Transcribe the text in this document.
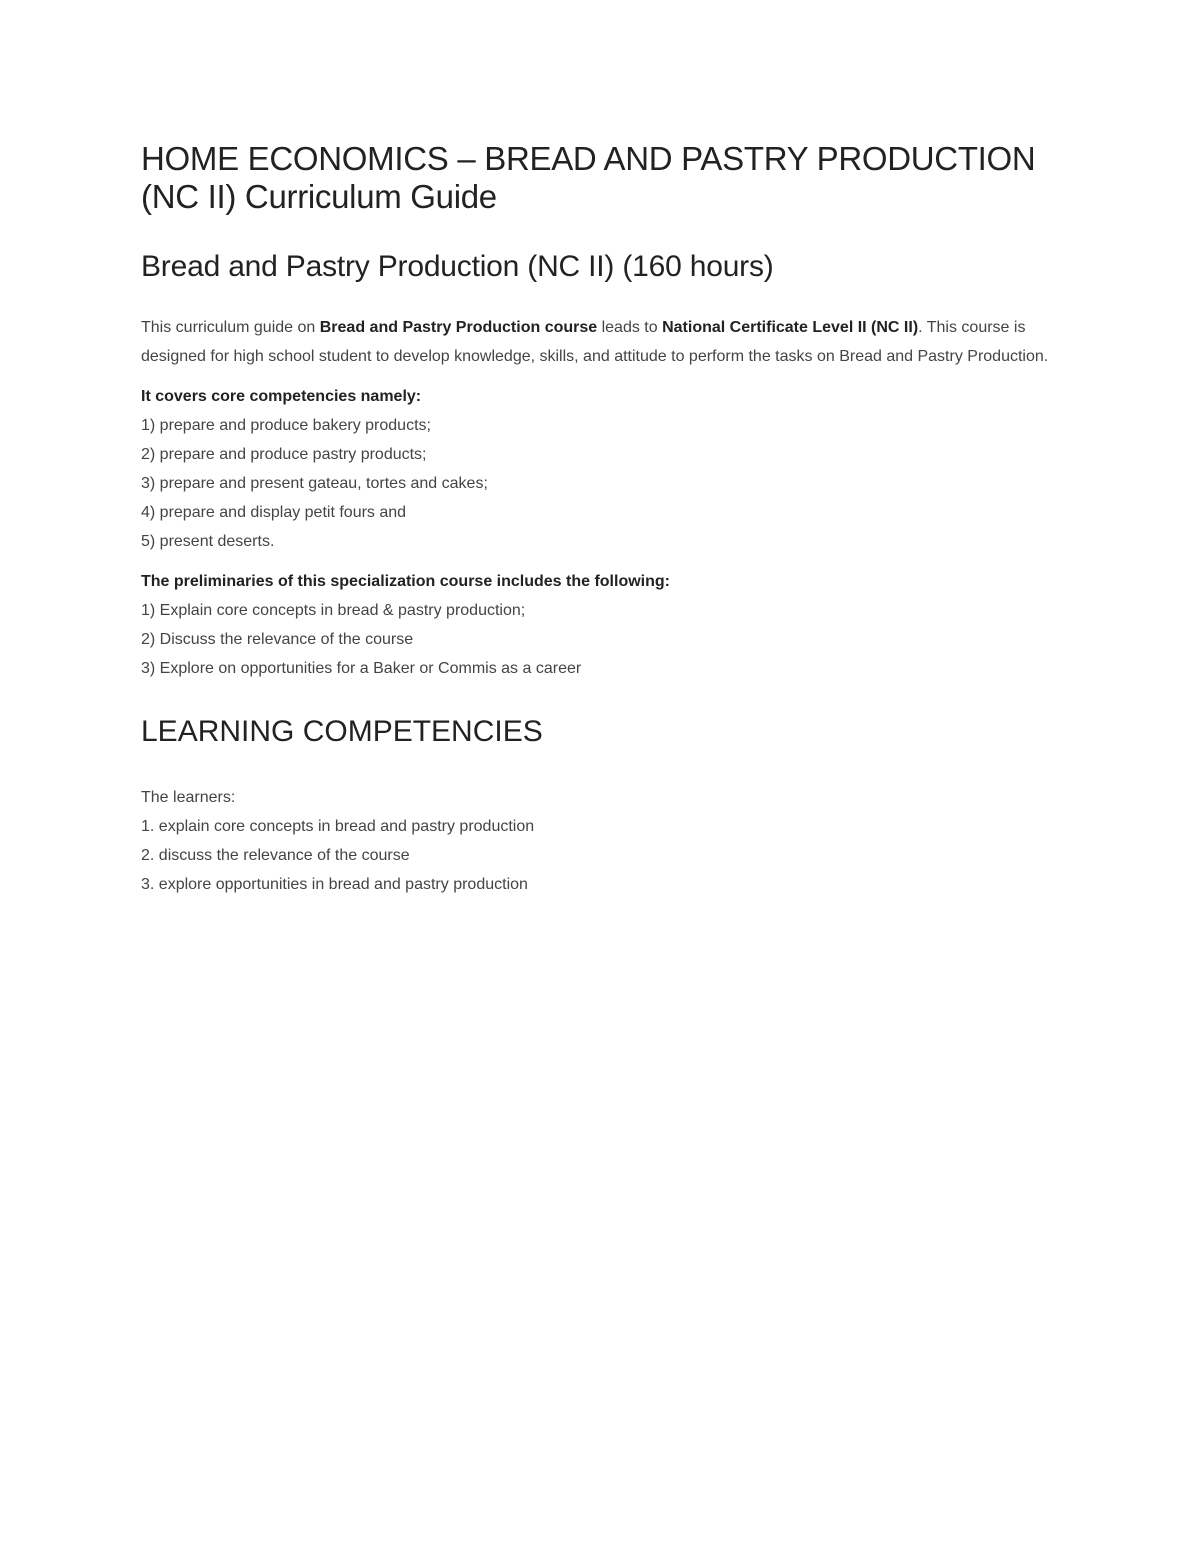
HOME ECONOMICS – BREAD AND PASTRY PRODUCTION (NC II) Curriculum Guide
Bread and Pastry Production (NC II) (160 hours)

This curriculum guide on Bread and Pastry Production course leads to National Certificate Level II (NC II). This course is designed for high school student to develop knowledge, skills, and attitude to perform the tasks on Bread and Pastry Production.

It covers core competencies namely:
1) prepare and produce bakery products;
2) prepare and produce pastry products;
3) prepare and present gateau, tortes and cakes;
4) prepare and display petit fours and
5) present deserts.
The preliminaries of this specialization course includes the following:
1) Explain core concepts in bread & pastry production;
2) Discuss the relevance of the course
3) Explore on opportunities for a Baker or Commis as a career
LEARNING COMPETENCIES
The learners:
1. explain core concepts in bread and pastry production
2. discuss the relevance of the course
3. explore opportunities in bread and pastry production
